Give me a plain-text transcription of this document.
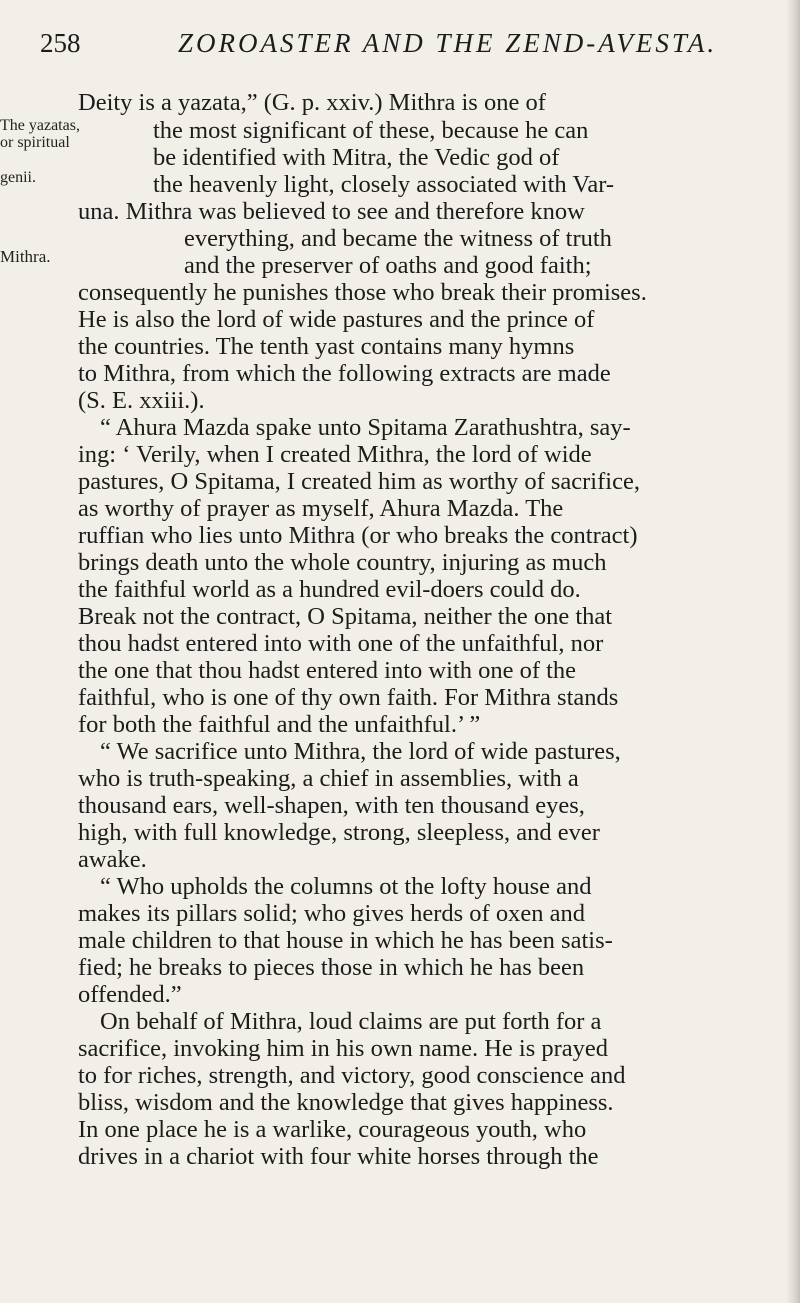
258	ZOROASTER AND THE ZEND-AVESTA.
The yazatas,
or spiritual
genii.
Mithra.
Deity is a yazata,” (G. p. xxiv.) Mithra is one of
the most significant of these, because he can
be identified with Mitra, the Vedic god of
the heavenly light, closely associated with Var-
una. Mithra was believed to see and therefore know
everything, and became the witness of truth
and the preserver of oaths and good faith;
consequently he punishes those who break their promises.
He is also the lord of wide pastures and the prince of
the countries. The tenth yast contains many hymns
to Mithra, from which the following extracts are made
(S. E. xxiii.).
“ Ahura Mazda spake unto Spitama Zarathushtra, say-
ing: ‘ Verily, when I created Mithra, the lord of wide
pastures, O Spitama, I created him as worthy of sacrifice,
as worthy of prayer as myself, Ahura Mazda. The
ruffian who lies unto Mithra (or who breaks the contract)
brings death unto the whole country, injuring as much
the faithful world as a hundred evil-doers could do.
Break not the contract, O Spitama, neither the one that
thou hadst entered into with one of the unfaithful, nor
the one that thou hadst entered into with one of the
faithful, who is one of thy own faith. For Mithra stands
for both the faithful and the unfaithful.’ ”
“ We sacrifice unto Mithra, the lord of wide pastures,
who is truth-speaking, a chief in assemblies, with a
thousand ears, well-shapen, with ten thousand eyes,
high, with full knowledge, strong, sleepless, and ever
awake.
“ Who upholds the columns ot the lofty house and
makes its pillars solid; who gives herds of oxen and
male children to that house in which he has been satis-
fied; he breaks to pieces those in which he has been
offended.”
On behalf of Mithra, loud claims are put forth for a
sacrifice, invoking him in his own name. He is prayed
to for riches, strength, and victory, good conscience and
bliss, wisdom and the knowledge that gives happiness.
In one place he is a warlike, courageous youth, who
drives in a chariot with four white horses through the
